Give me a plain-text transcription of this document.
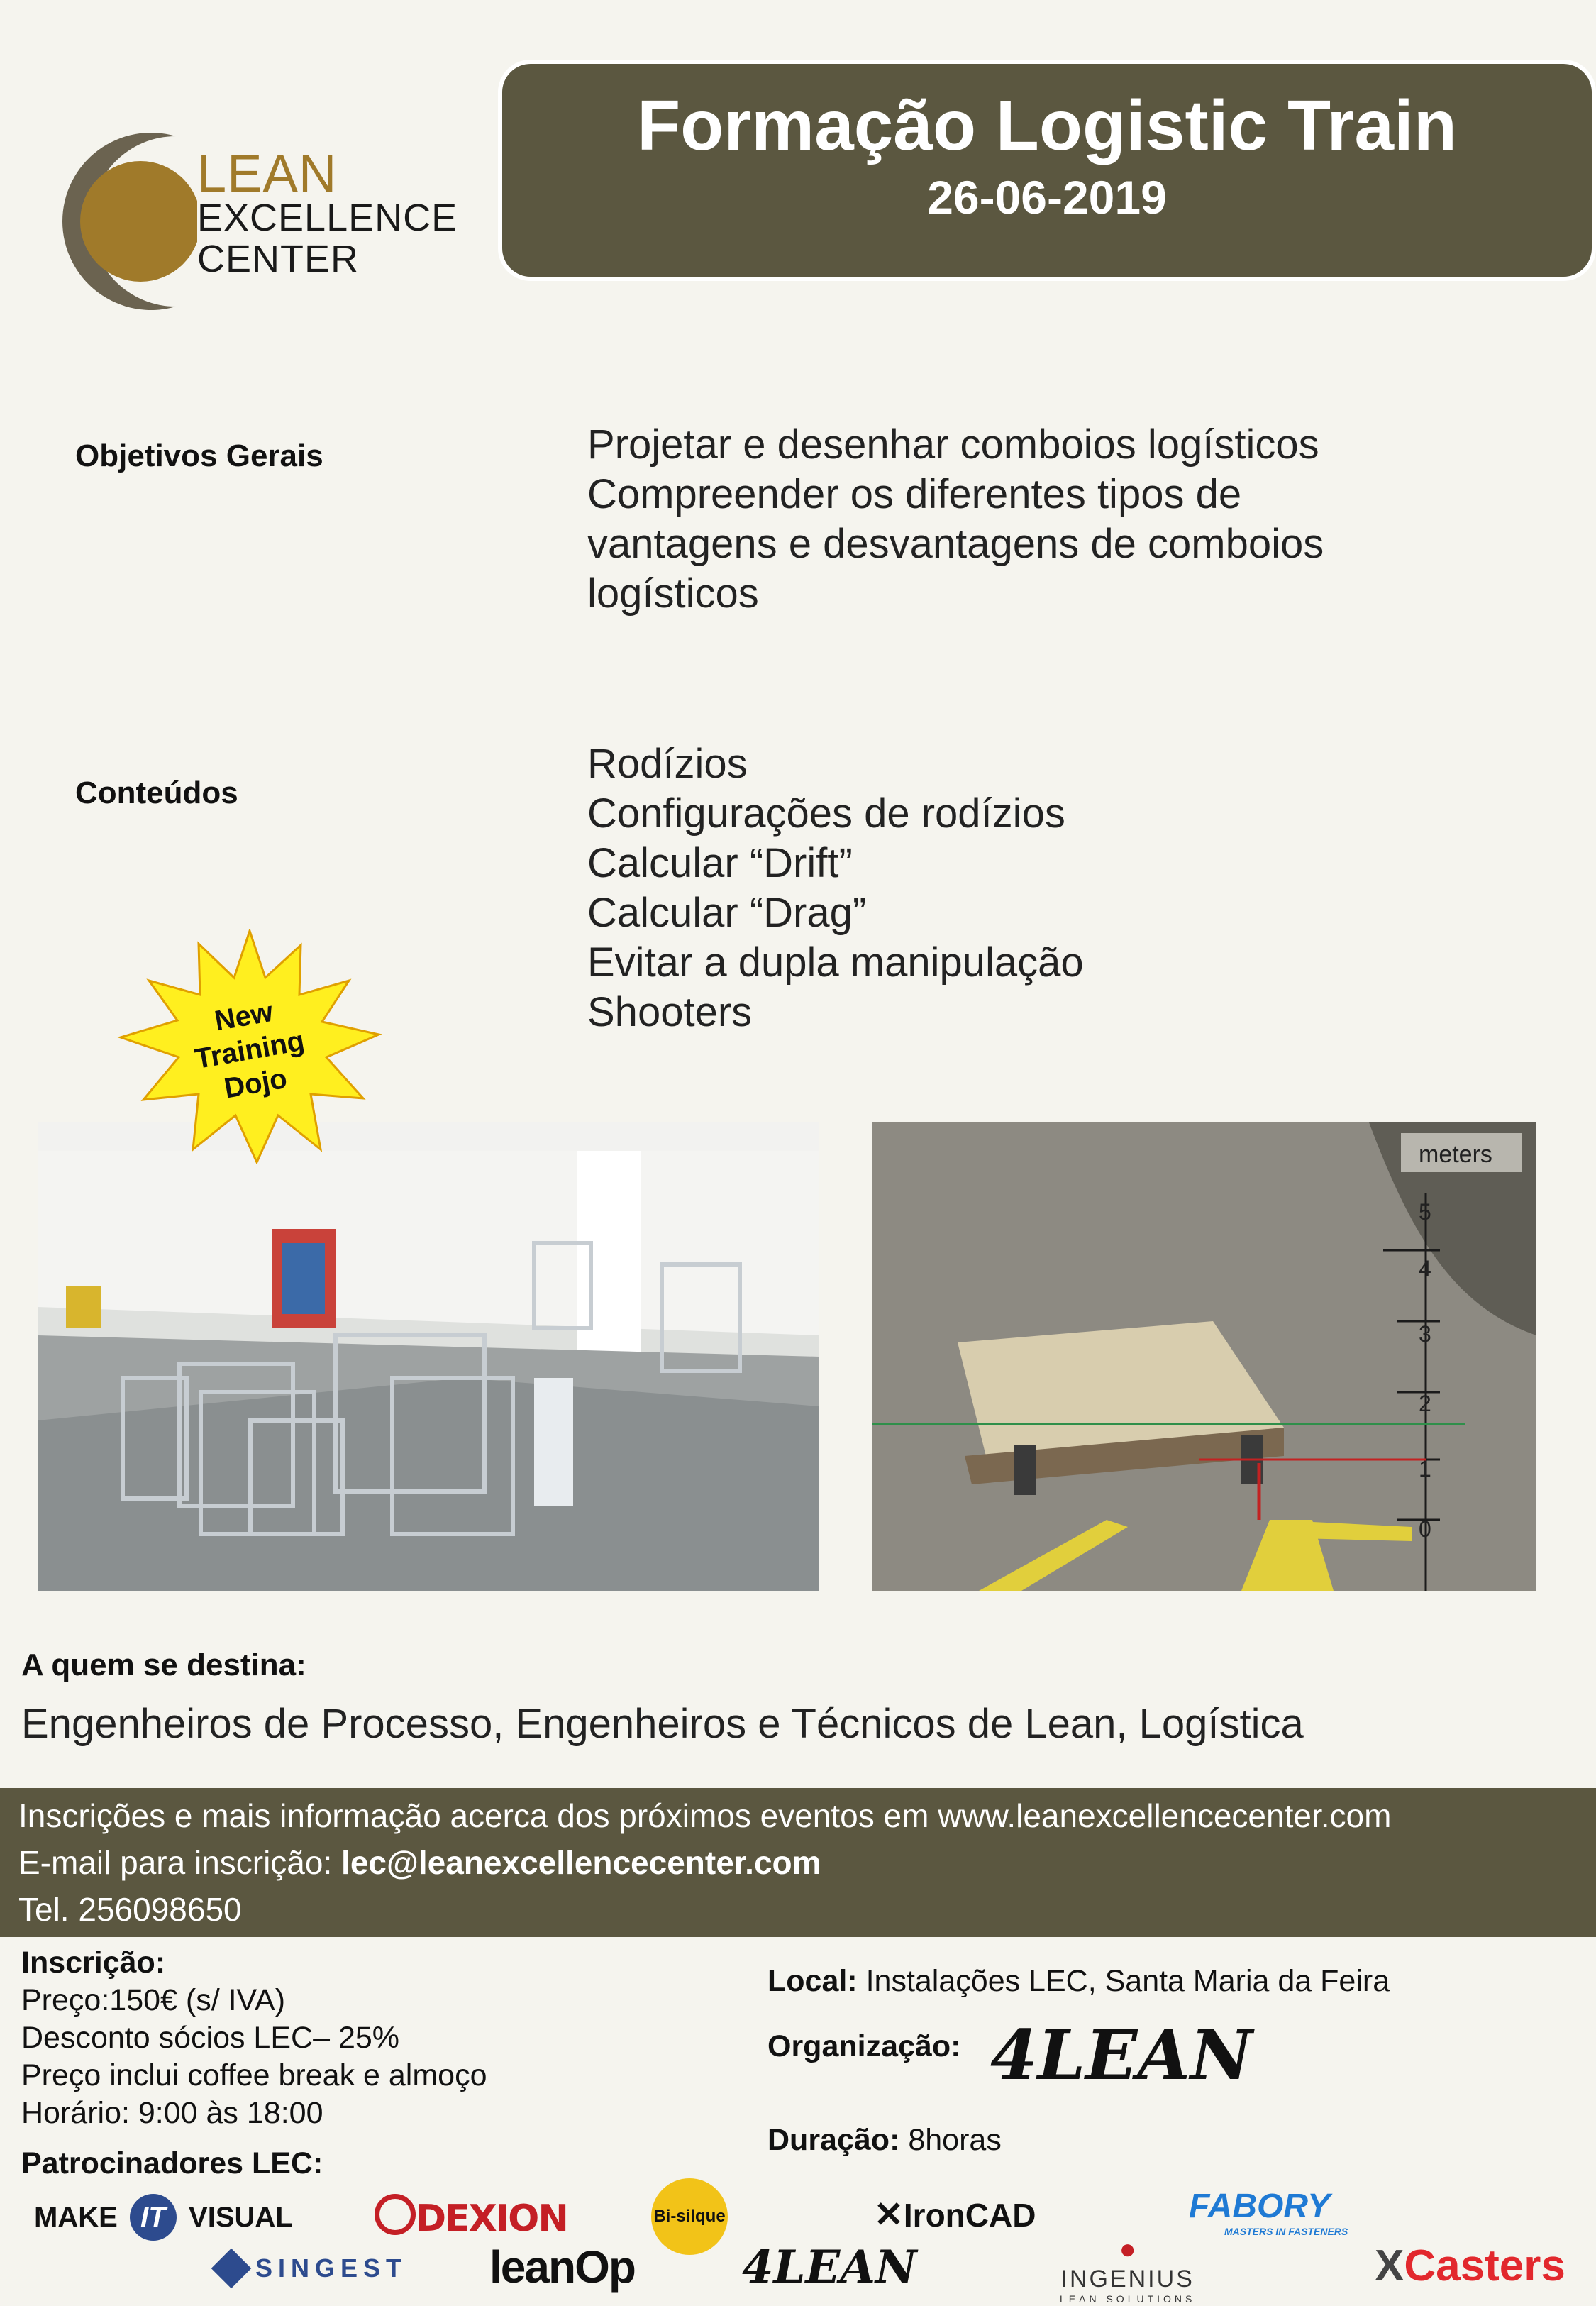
LEAN
EXCELLENCE
CENTER
Formação Logistic Train
26-06-2019
Objetivos Gerais	Projetar e desenhar comboios logísticos
Compreender os diferentes tipos de
vantagens e desvantagens de comboios
logísticos
Conteúdos
Rodízios
Configurações de rodízios
Calcular “Drift”
Calcular “Drag”
Evitar a dupla manipulação
Shooters
New
Training
Dojo
meters
5
4
3
2
1
0
A quem se destina:
Engenheiros de Processo, Engenheiros e Técnicos de Lean, Logística
Inscrições e mais informação acerca dos próximos eventos em www.leanexcellencecenter.com
E-mail para inscrição: lec@leanexcellencecenter.com
Tel. 256098650
Inscrição:
Preço:150€ (s/ IVA)
Desconto sócios LEC– 25%
Preço inclui coffee break e almoço
Horário: 9:00 às 18:00
Local: Instalações LEC, Santa Maria da Feira
Organização: 4LEAN
Duração: 8horas
Patrocinadores LEC:
MAKE IT VISUAL	DEXION	Bi-silque	✕IronCAD	FABORY
MASTERS IN FASTENERS
SINGEST leanOp 4LEAN	●
INGENIUS
LEAN SOLUTIONS
XCasters
